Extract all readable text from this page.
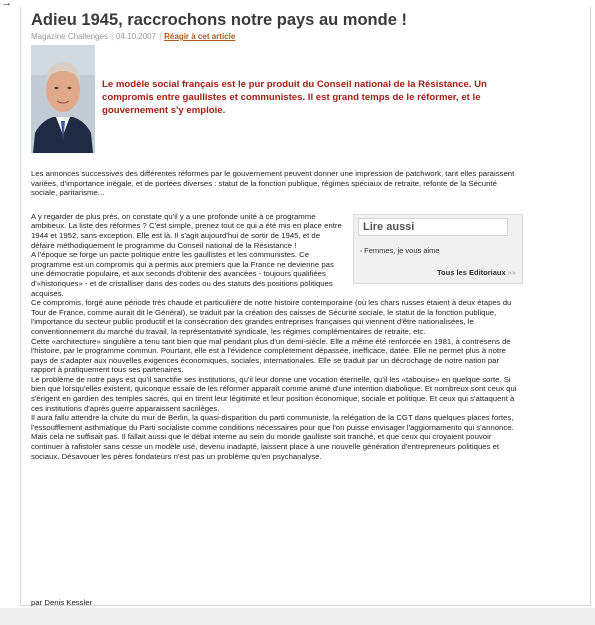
→
Adieu 1945, raccrochons notre pays au monde !
Magazine Challenges | 04.10.2007 | Réagir à cet article

Le modèle social français est le pur produit du Conseil national de la Résistance. Un compromis entre gaullistes et communistes. Il est grand temps de le réformer, et le gouvernement s'y emploie.

Les annonces successives des différentes réformes par le gouvernement peuvent donner une impression de patchwork, tant elles paraissent variées, d'importance inégale, et de portées diverses : statut de la fonction publique, régimes spéciaux de retraite, refonte de la Sécurité sociale, paritarisme...

Lire aussi
▪ Femmes, je vous aime
Tous les Editoriaux »»

A y regarder de plus près, on constate qu'il y a une profonde unité à ce programme ambitieux. La liste des réformes ? C'est simple, prenez tout ce qui a été mis en place entre 1944 et 1952, sans exception. Elle est là. Il s'agit aujourd'hui de sortir de 1945, et de défaire méthodiquement le programme du Conseil national de la Résistance !

A l'époque se forge un pacte politique entre les gaullistes et les communistes. Ce programme est un compromis qui a permis aux premiers que la France ne devienne pas une démocratie populaire, et aux seconds d'obtenir des avancées - toujours qualifiées d'«historiques» - et de cristalliser dans des codes ou des statuts des positions politiques acquises.

Ce compromis, forgé aune période très chaude et particulière de notre histoire contemporaine (où les chars russes étaient à deux étapes du Tour de France, comme aurait dit le Général), se traduit par la création des caisses de Sécurité sociale, le statut de la fonction publique, l'importance du secteur public productif et la consécration des grandes entreprises françaises qui viennent d'être nationalisées, le conventionnement du marché du travail, la représentativité syndicale, les régimes complémentaires de retraite, etc.

Cette «architecture» singulière a tenu tant bien que mal pendant plus d'un demi-siècle. Elle a même été renforcée en 1981, à contresens de l'histoire, par le programme commun. Pourtant, elle est à l'évidence complètement dépassée, inefficace, datée. Elle ne permet plus à notre pays de s'adapter aux nouvelles exigences économiques, sociales, internationales. Elle se traduit par un décrochage de notre nation par rapport à pratiquement tous ses partenaires.

Le problème de notre pays est qu'il sanctifie ses institutions, qu'il leur donne une vocation éternelle, qu'il les «tabouise» en quelque sorte. Si bien que lorsqu'elles existent, quiconque essaie de les réformer apparaît comme animé d'une intention diabolique. Et nombreux sont ceux qui s'érigent en gardien des temples sacrés, qui en tirent leur légitimité et leur position économique, sociale et politique. Et ceux qui s'attaquent à ces institutions d'après guerre apparaissent sacrilèges.

Il aura fallu attendre la chute du mur de Berlin, la quasi-disparition du parti communiste, la relégation de la CGT dans quelques places fortes, l'essoufflement asthmatique du Parti socialiste comme conditions nécessaires pour que l'on puisse envisager l'aggiornamento qui s'annonce. Mais cela ne suffisait pas. Il fallait aussi que le débat interne au sein du monde gaulliste soit tranché, et que ceux qui croyaient pouvoir continuer à rafistoler sans cesse un modèle usé, devenu inadapté, laissent place à une nouvelle génération d'entrepreneurs politiques et sociaux. Désavouer les pères fondateurs n'est pas un problème qu'en psychanalyse.

par Denis Kessler
